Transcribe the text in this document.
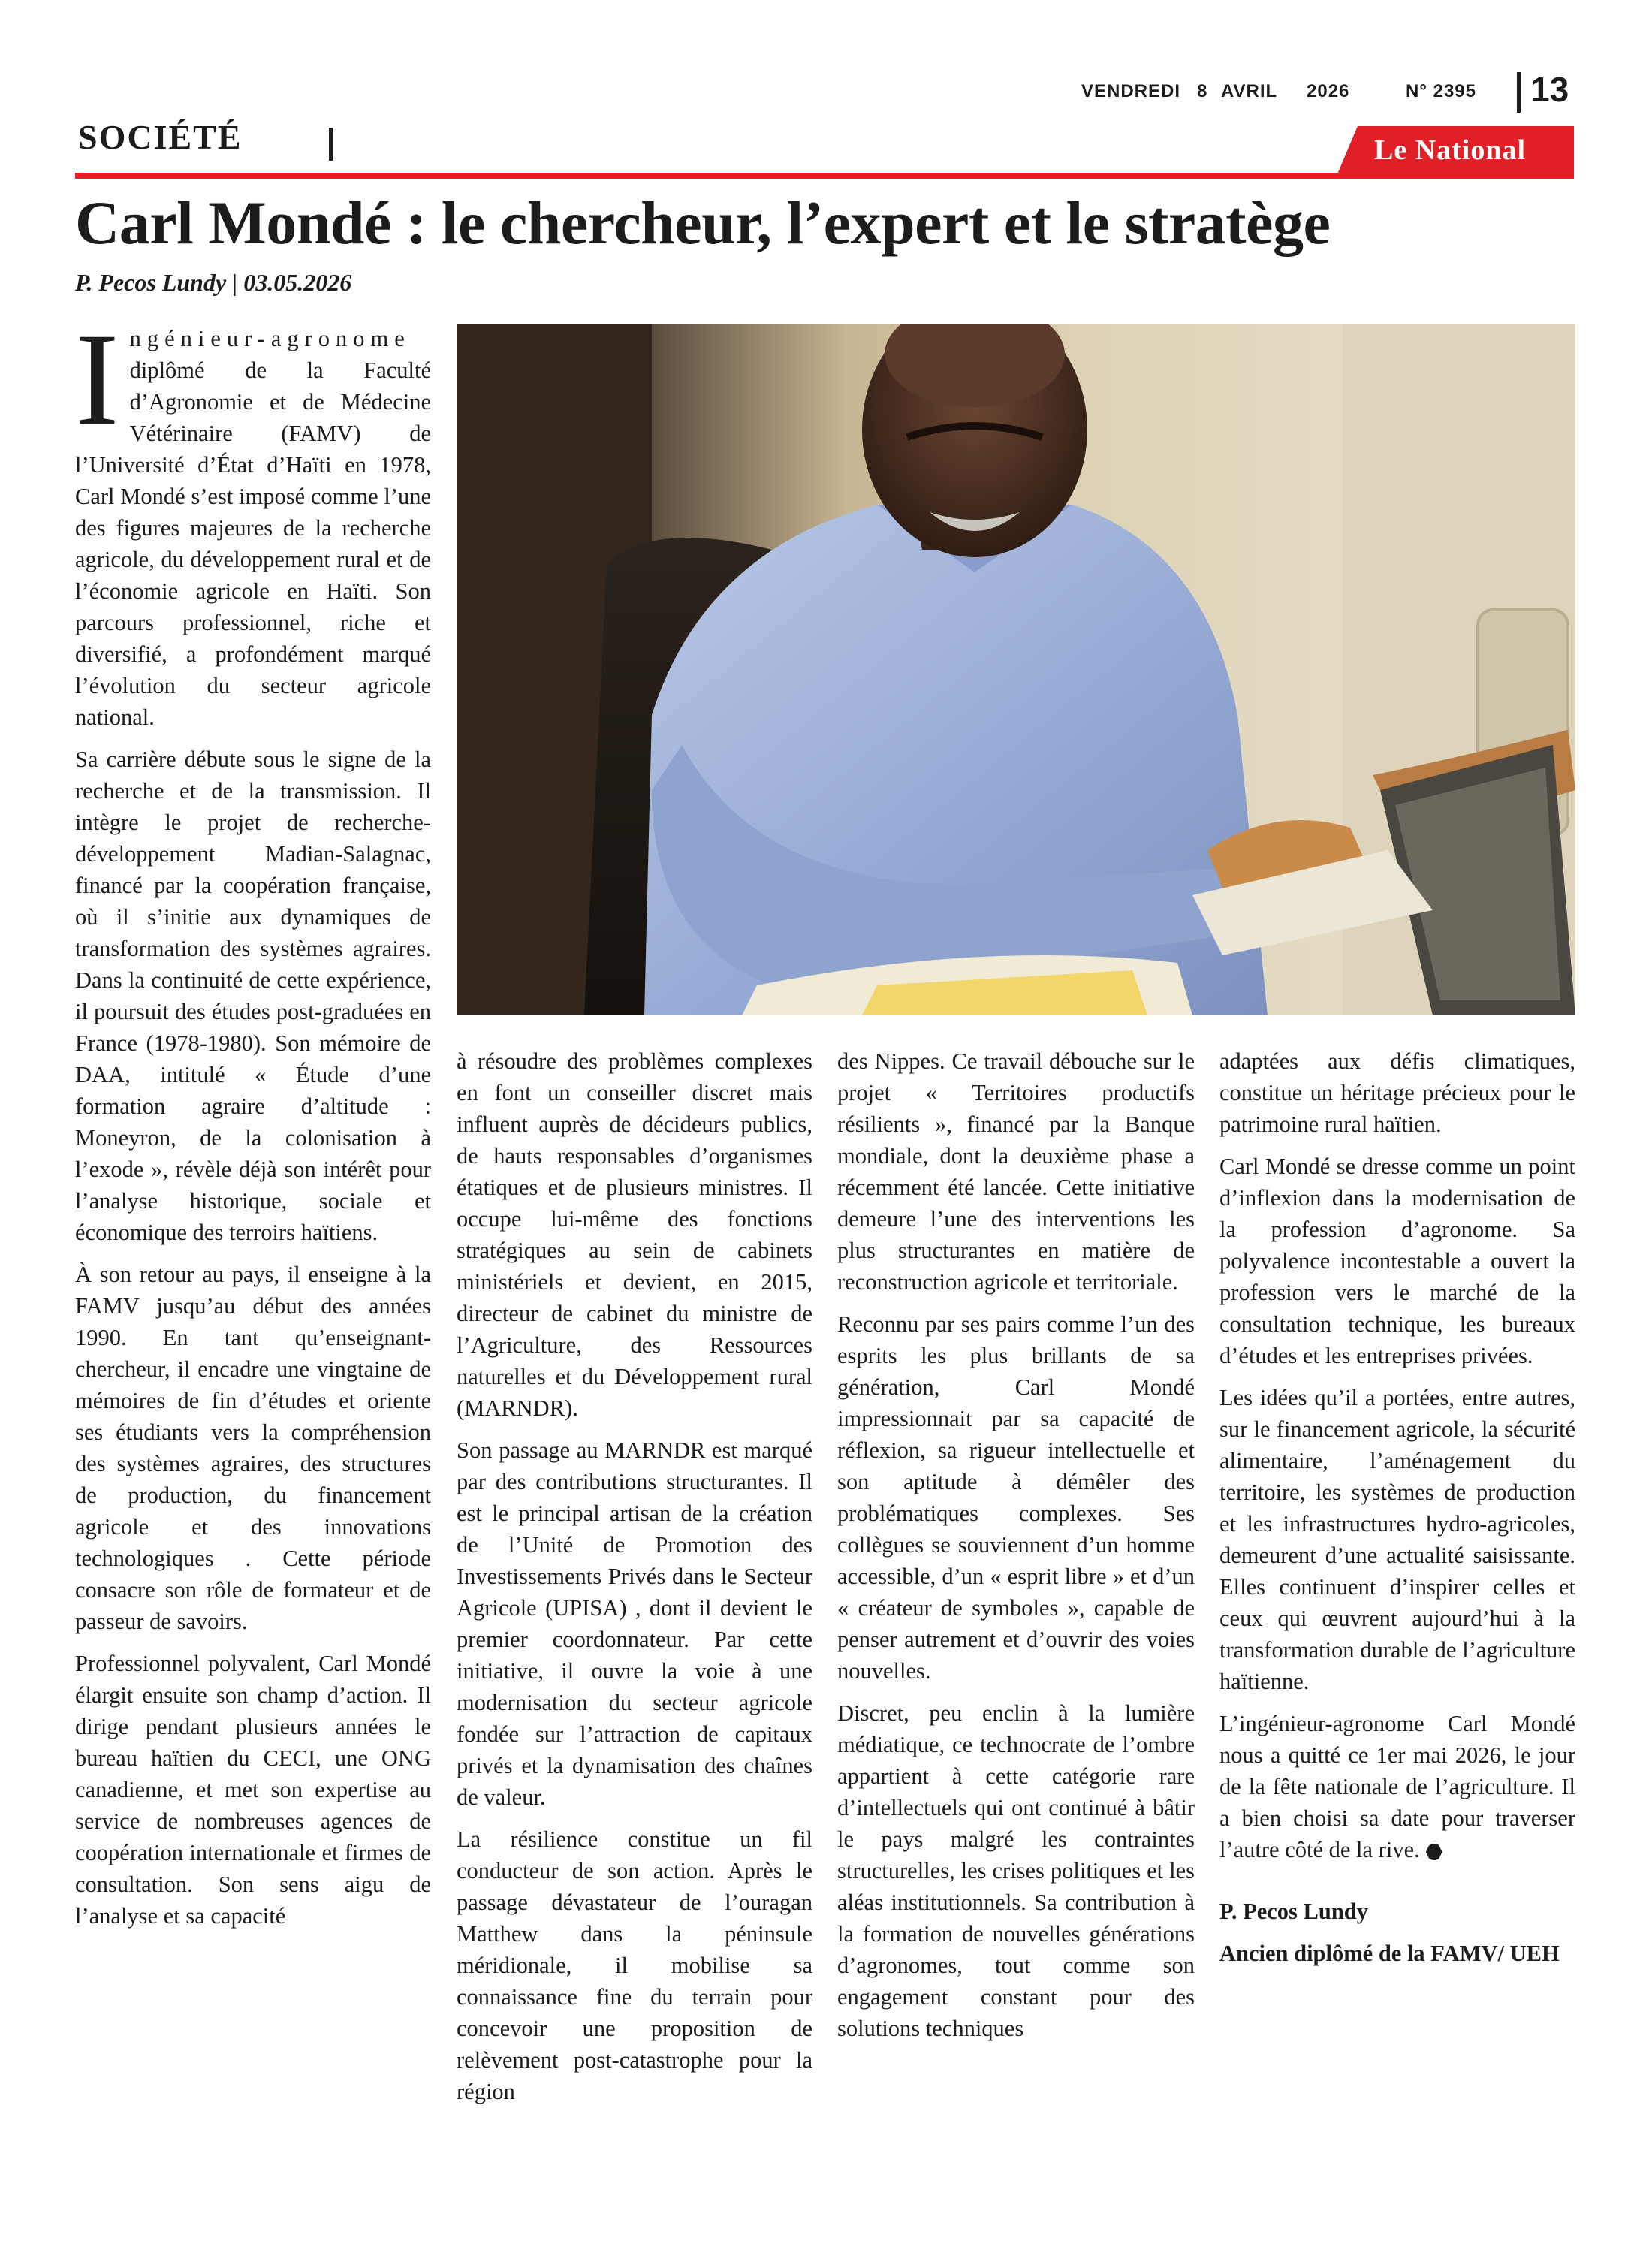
VENDREDI 8 AVRIL 2026	N° 2395 13
SOCIÉTÉ	Le National
Carl Mondé : le chercheur, l’expert et le stratège
P. Pecos Lundy | 03.05.2026

Ingénieur-agronome diplômé de la Faculté d’Agronomie et de Médecine Vétérinaire (FAMV) de l’Université d’État d’Haïti en 1978, Carl Mondé s’est imposé comme l’une des figures majeures de la recherche agricole, du développement rural et de l’économie agricole en Haïti. Son parcours professionnel, riche et diversifié, a profondément marqué l’évolution du secteur agricole national.

Sa carrière débute sous le signe de la recherche et de la transmission. Il intègre le projet de recherche-développement Madian-Salagnac, financé par la coopération française, où il s’initie aux dynamiques de transformation des systèmes agraires. Dans la continuité de cette expérience, il poursuit des études post-graduées en France (1978-1980). Son mémoire de DAA, intitulé « Étude d’une formation agraire d’altitude : Moneyron, de la colonisation à l’exode », révèle déjà son intérêt pour l’analyse historique, sociale et économique des terroirs haïtiens.

À son retour au pays, il enseigne à la FAMV jusqu’au début des années 1990. En tant qu’enseignant-chercheur, il encadre une vingtaine de mémoires de fin d’études et oriente ses étudiants vers la compréhension des systèmes agraires, des structures de production, du financement agricole et des innovations technologiques . Cette période consacre son rôle de formateur et de passeur de savoirs.

Professionnel polyvalent, Carl Mondé élargit ensuite son champ d’action. Il dirige pendant plusieurs années le bureau haïtien du CECI, une ONG canadienne, et met son expertise au service de nombreuses agences de coopération internationale et firmes de consultation. Son sens aigu de l’analyse et sa capacité

à résoudre des problèmes complexes en font un conseiller discret mais influent auprès de décideurs publics, de hauts responsables d’organismes étatiques et de plusieurs ministres. Il occupe lui-même des fonctions stratégiques au sein de cabinets ministériels et devient, en 2015, directeur de cabinet du ministre de l’Agriculture, des Ressources naturelles et du Développement rural (MARNDR).

Son passage au MARNDR est marqué par des contributions structurantes. Il est le principal artisan de la création de l’Unité de Promotion des Investissements Privés dans le Secteur Agricole (UPISA) , dont il devient le premier coordonnateur. Par cette initiative, il ouvre la voie à une modernisation du secteur agricole fondée sur l’attraction de capitaux privés et la dynamisation des chaînes de valeur.

La résilience constitue un fil conducteur de son action. Après le passage dévastateur de l’ouragan Matthew dans la péninsule méridionale, il mobilise sa connaissance fine du terrain pour concevoir une proposition de relèvement post-catastrophe pour la région

des Nippes. Ce travail débouche sur le projet « Territoires productifs résilients », financé par la Banque mondiale, dont la deuxième phase a récemment été lancée. Cette initiative demeure l’une des interventions les plus structurantes en matière de reconstruction agricole et territoriale.

Reconnu par ses pairs comme l’un des esprits les plus brillants de sa génération, Carl Mondé impressionnait par sa capacité de réflexion, sa rigueur intellectuelle et son aptitude à démêler des problématiques complexes. Ses collègues se souviennent d’un homme accessible, d’un « esprit libre » et d’un « créateur de symboles », capable de penser autrement et d’ouvrir des voies nouvelles.

Discret, peu enclin à la lumière médiatique, ce technocrate de l’ombre appartient à cette catégorie rare d’intellectuels qui ont continué à bâtir le pays malgré les contraintes structurelles, les crises politiques et les aléas institutionnels. Sa contribution à la formation de nouvelles générations d’agronomes, tout comme son engagement constant pour des solutions techniques

adaptées aux défis climatiques, constitue un héritage précieux pour le patrimoine rural haïtien.

Carl Mondé se dresse comme un point d’inflexion dans la modernisation de la profession d’agronome. Sa polyvalence incontestable a ouvert la profession vers le marché de la consultation technique, les bureaux d’études et les entreprises privées.

Les idées qu’il a portées, entre autres, sur le financement agricole, la sécurité alimentaire, l’aménagement du territoire, les systèmes de production et les infrastructures hydro-agricoles, demeurent d’une actualité saisissante. Elles continuent d’inspirer celles et ceux qui œuvrent aujourd’hui à la transformation durable de l’agriculture haïtienne.

L’ingénieur-agronome Carl Mondé nous a quitté ce 1er mai 2026, le jour de la fête nationale de l’agriculture. Il a bien choisi sa date pour traverser l’autre côté de la rive.

P. Pecos Lundy

Ancien diplômé de la FAMV/ UEH
